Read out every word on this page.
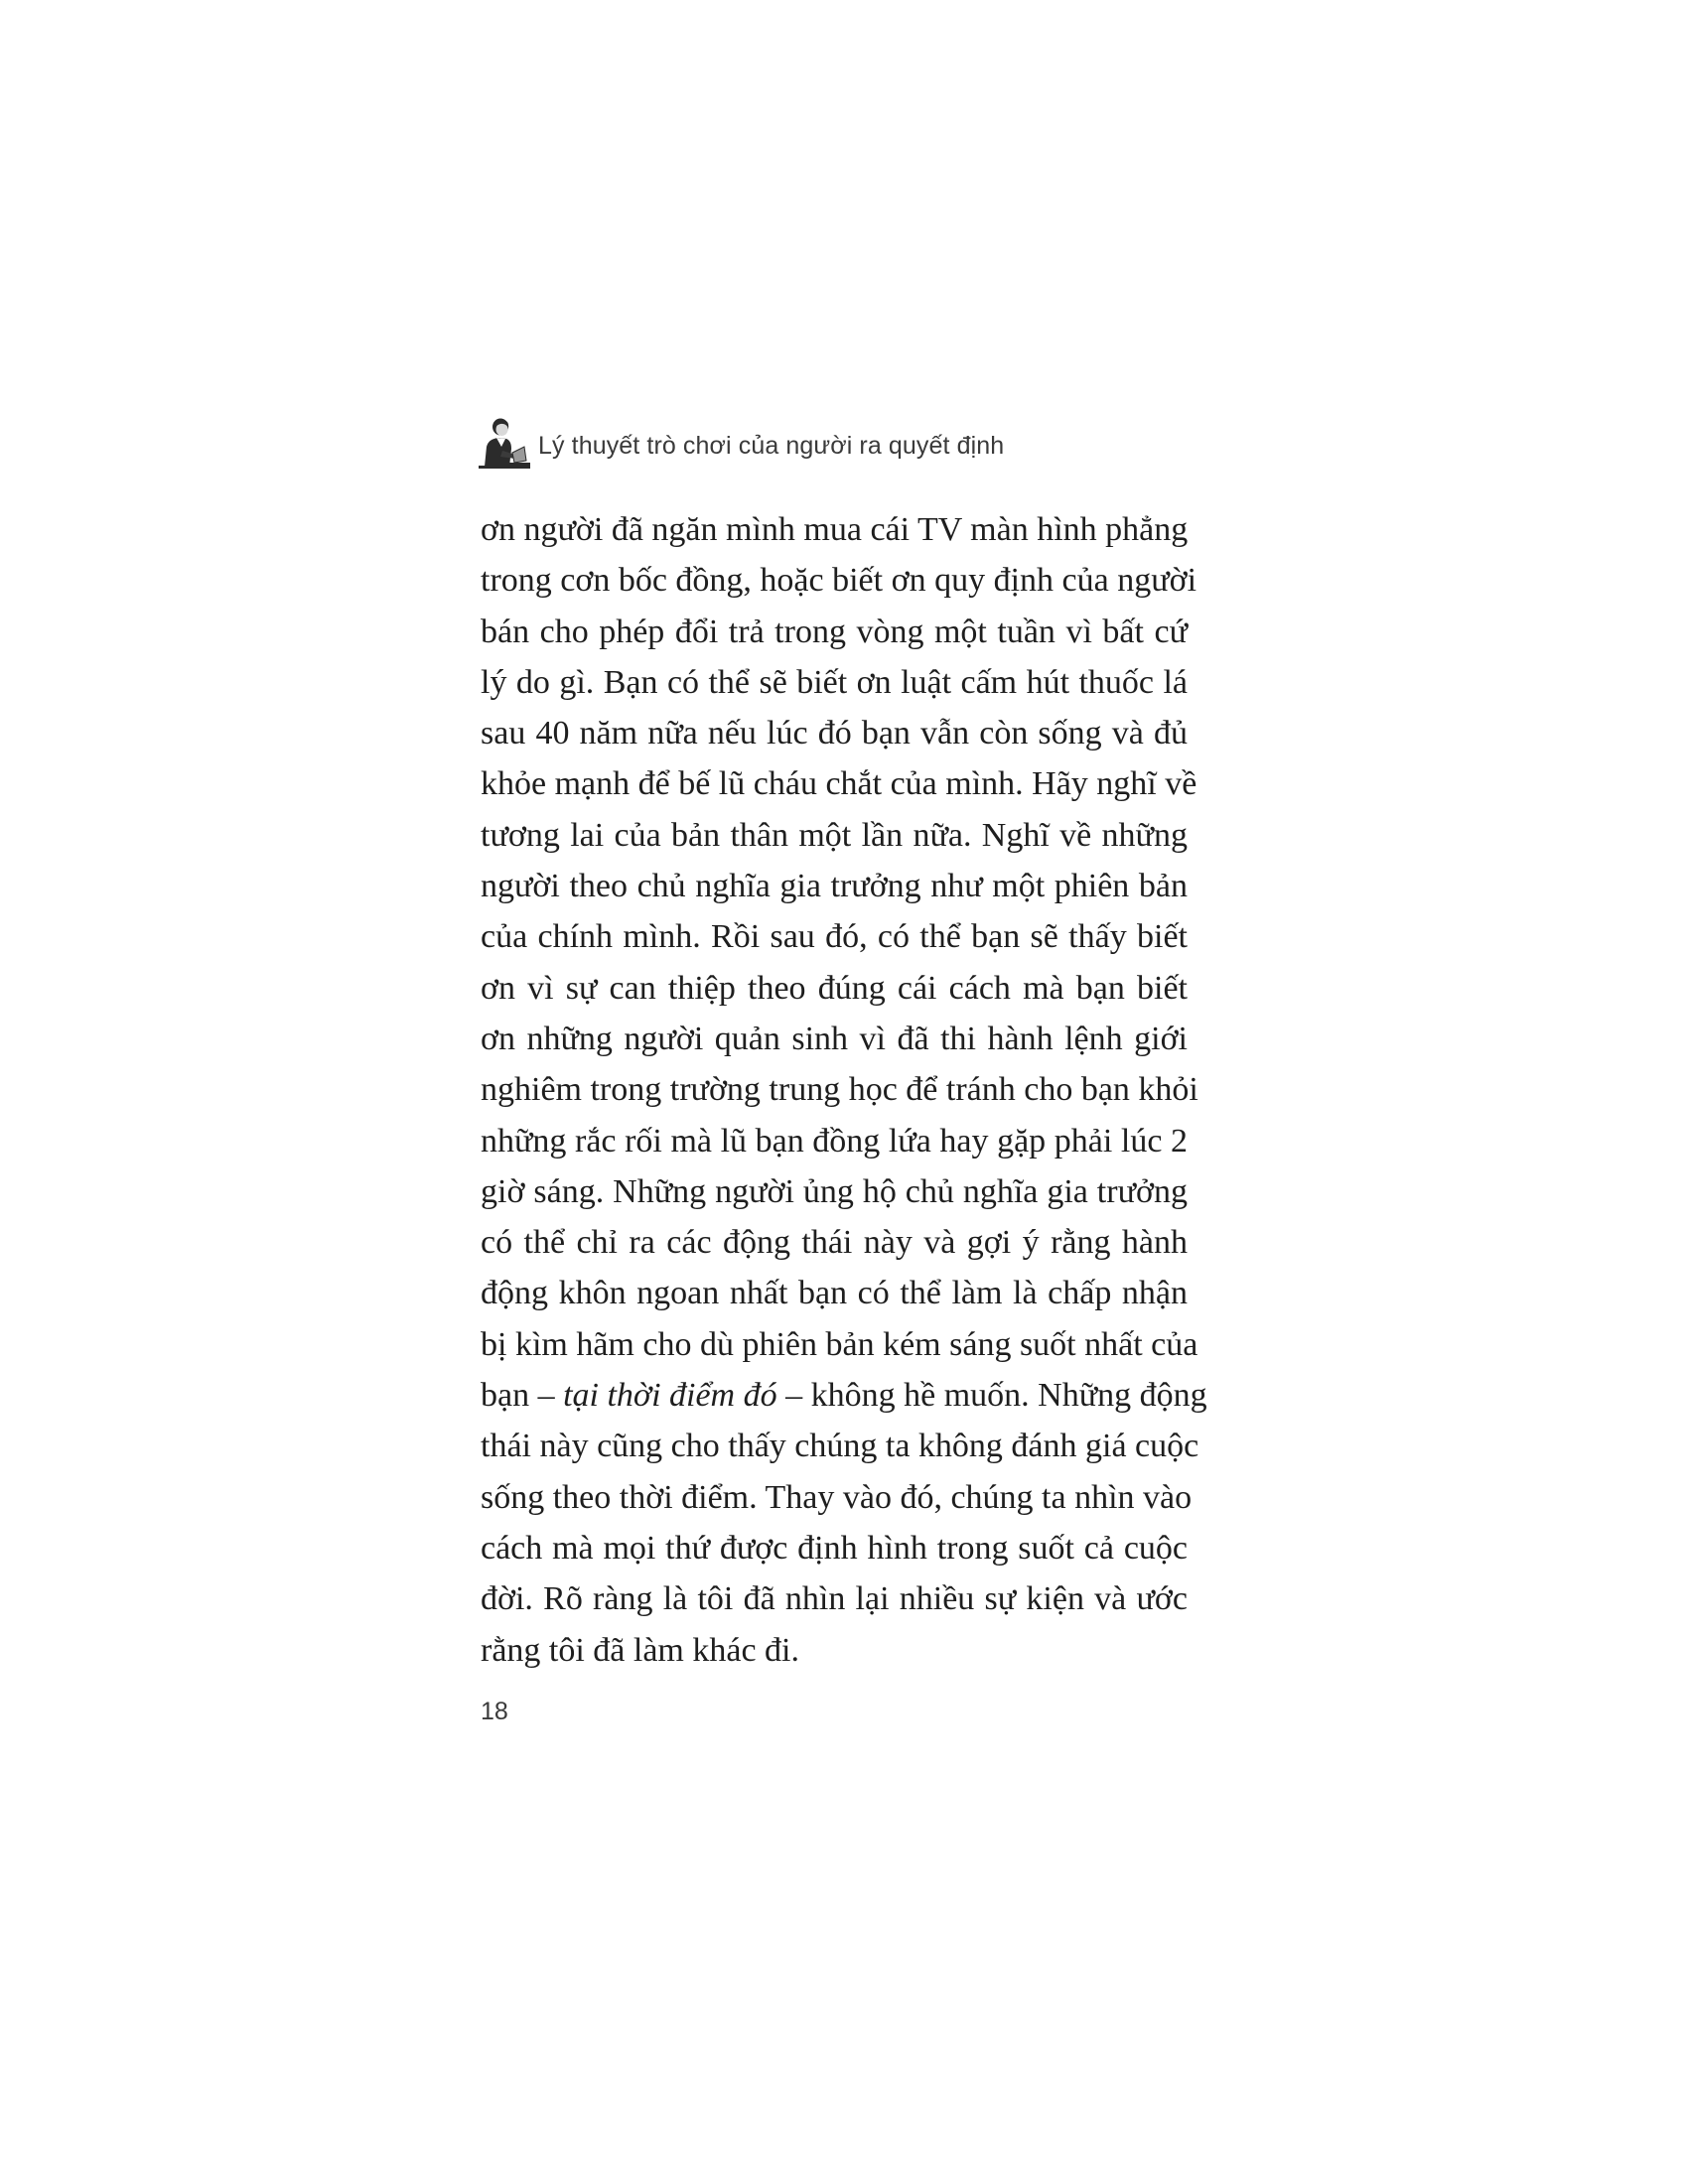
Lý thuyết trò chơi của người ra quyết định
ơn người đã ngăn mình mua cái TV màn hình phẳng
trong cơn bốc đồng, hoặc biết ơn quy định của người
bán cho phép đổi trả trong vòng một tuần vì bất cứ
lý do gì. Bạn có thể sẽ biết ơn luật cấm hút thuốc lá
sau 40 năm nữa nếu lúc đó bạn vẫn còn sống và đủ
khỏe mạnh để bế lũ cháu chắt của mình. Hãy nghĩ về
tương lai của bản thân một lần nữa. Nghĩ về những
người theo chủ nghĩa gia trưởng như một phiên bản
của chính mình. Rồi sau đó, có thể bạn sẽ thấy biết
ơn vì sự can thiệp theo đúng cái cách mà bạn biết
ơn những người quản sinh vì đã thi hành lệnh giới
nghiêm trong trường trung học để tránh cho bạn khỏi
những rắc rối mà lũ bạn đồng lứa hay gặp phải lúc 2
giờ sáng. Những người ủng hộ chủ nghĩa gia trưởng
có thể chỉ ra các động thái này và gợi ý rằng hành
động khôn ngoan nhất bạn có thể làm là chấp nhận
bị kìm hãm cho dù phiên bản kém sáng suốt nhất của
bạn – tại thời điểm đó – không hề muốn. Những động
thái này cũng cho thấy chúng ta không đánh giá cuộc
sống theo thời điểm. Thay vào đó, chúng ta nhìn vào
cách mà mọi thứ được định hình trong suốt cả cuộc
đời. Rõ ràng là tôi đã nhìn lại nhiều sự kiện và ước
rằng tôi đã làm khác đi.
18
